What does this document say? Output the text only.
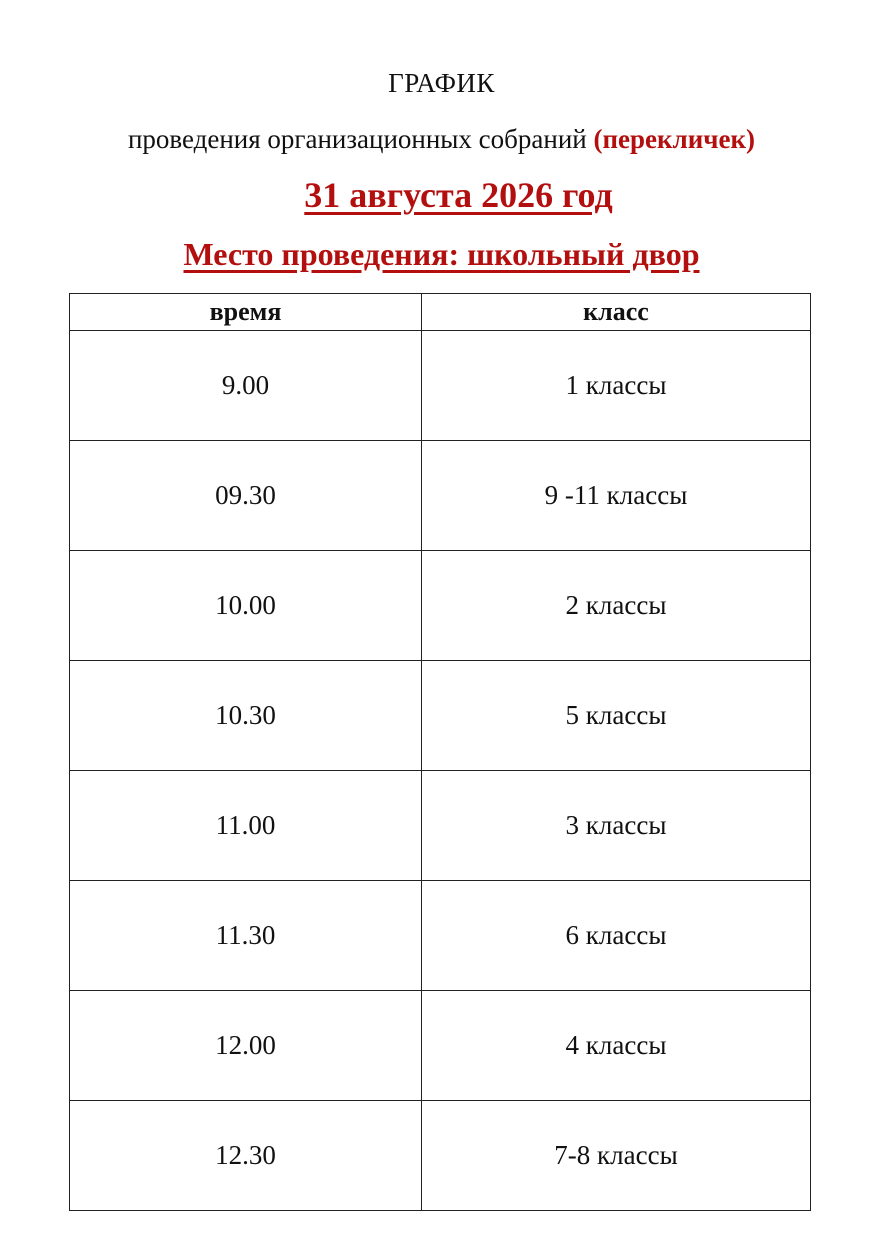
ГРАФИК
проведения организационных собраний (перекличек)
31 августа 2026 год
Место проведения: школьный двор
время	класс
9.00	1 классы
09.30	9 -11 классы
10.00	2 классы
10.30	5 классы
11.00	3 классы
11.30	6 классы
12.00	4 классы
12.30	7-8 классы
